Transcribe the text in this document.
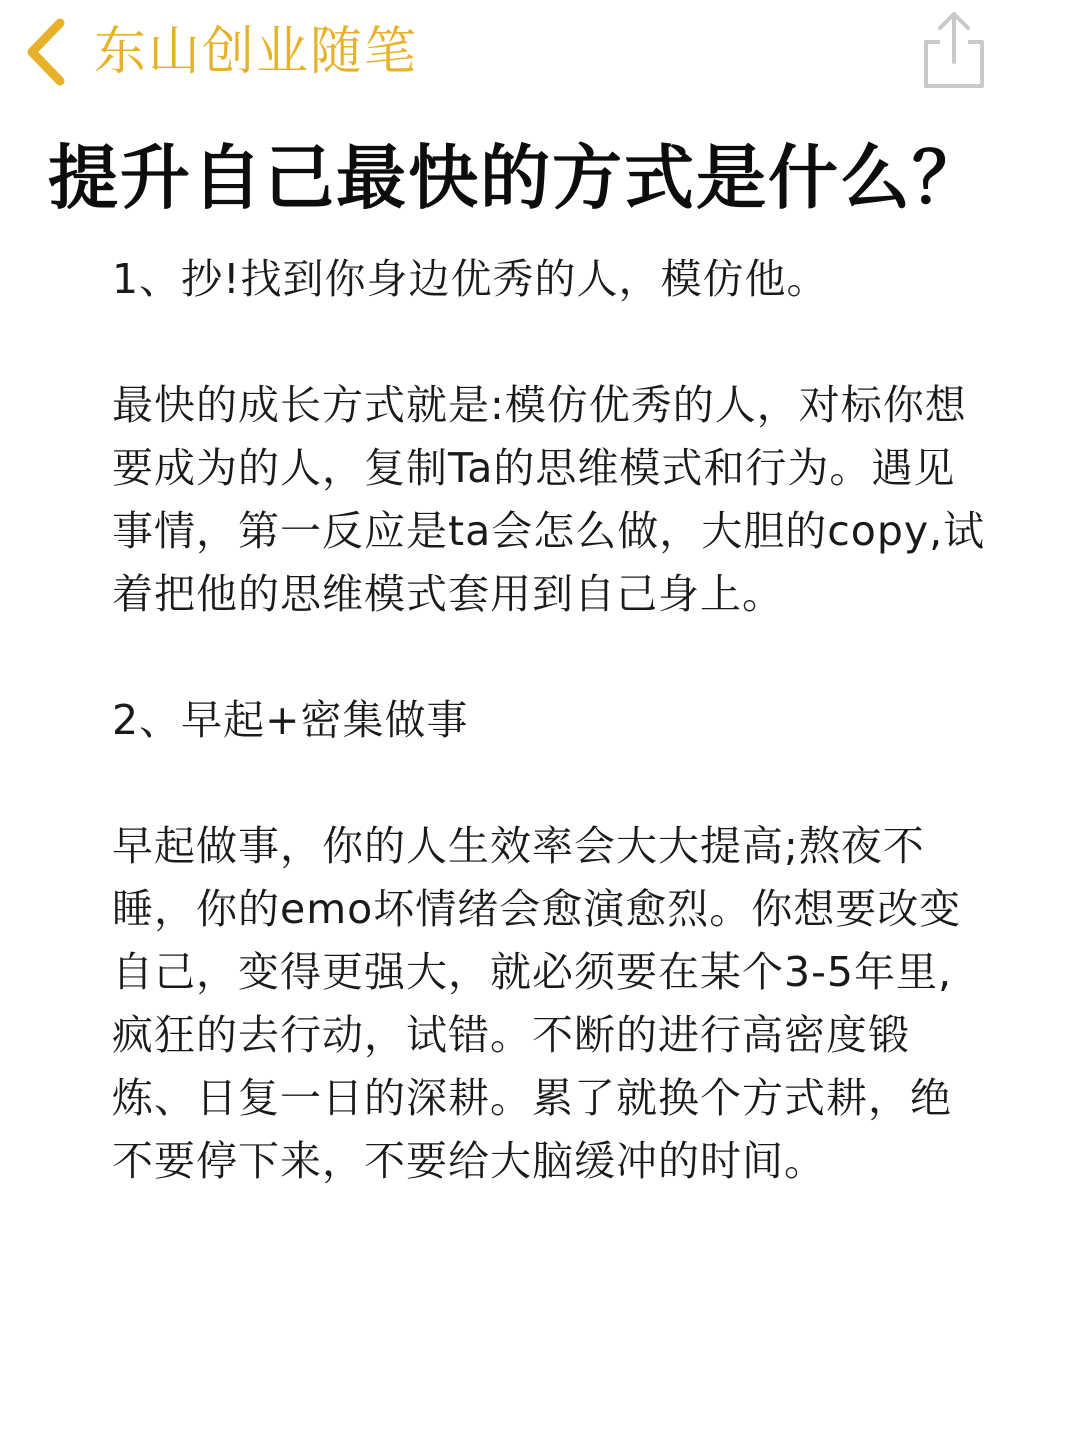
东山创业随笔
提升自己最快的方式是什么？

1、抄!找到你身边优秀的人，模仿他。

最快的成长方式就是:模仿优秀的人，对标你想要成为的人，复制Ta的思维模式和行为。遇见事情，第一反应是ta会怎么做，大胆的copy,试着把他的思维模式套用到自己身上。

2、早起+密集做事

早起做事，你的人生效率会大大提高;熬夜不睡，你的emo坏情绪会愈演愈烈。你想要改变自己，变得更强大，就必须要在某个3-5年里,疯狂的去行动，试错。不断的进行高密度锻炼、日复一日的深耕。累了就换个方式耕，绝不要停下来，不要给大脑缓冲的时间。
